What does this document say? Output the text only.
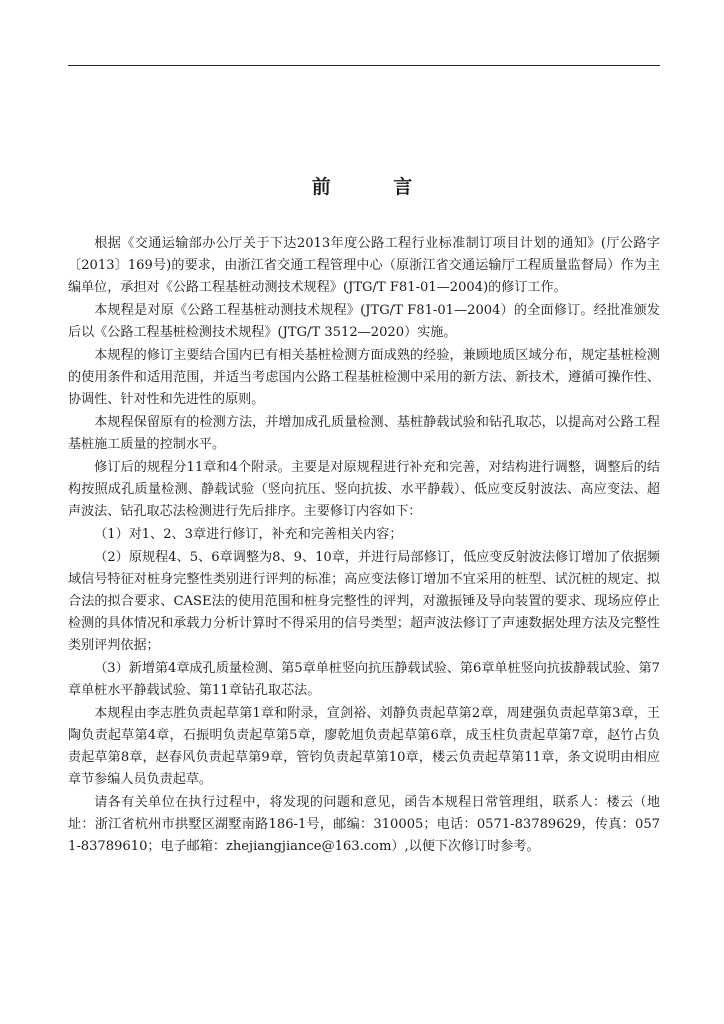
前 言

根据《交通运输部办公厅关于下达2013年度公路工程行业标准制订项目计划的通知》(厅公路字〔2013〕169号)的要求，由浙江省交通工程管理中心（原浙江省交通运输厅工程质量监督局）作为主编单位，承担对《公路工程基桩动测技术规程》(JTG/T F81-01—2004)的修订工作。

本规程是对原《公路工程基桩动测技术规程》(JTG/T F81-01—2004）的全面修订。经批准颁发后以《公路工程基桩检测技术规程》(JTG/T 3512—2020）实施。

本规程的修订主要结合国内已有相关基桩检测方面成熟的经验，兼顾地质区域分布，规定基桩检测的使用条件和适用范围，并适当考虑国内公路工程基桩检测中采用的新方法、新技术，遵循可操作性、协调性、针对性和先进性的原则。

本规程保留原有的检测方法，并增加成孔质量检测、基桩静载试验和钻孔取芯，以提高对公路工程基桩施工质量的控制水平。

修订后的规程分11章和4个附录。主要是对原规程进行补充和完善，对结构进行调整，调整后的结构按照成孔质量检测、静载试验（竖向抗压、竖向抗拔、水平静载）、低应变反射波法、高应变法、超声波法、钻孔取芯法检测进行先后排序。主要修订内容如下：

（1）对1、2、3章进行修订，补充和完善相关内容；

（2）原规程4、5、6章调整为8、9、10章，并进行局部修订，低应变反射波法修订增加了依据频域信号特征对桩身完整性类别进行评判的标准；高应变法修订增加不宜采用的桩型、试沉桩的规定、拟合法的拟合要求、CASE法的使用范围和桩身完整性的评判，对激振锤及导向装置的要求、现场应停止检测的具体情况和承载力分析计算时不得采用的信号类型；超声波法修订了声速数据处理方法及完整性类别评判依据；

（3）新增第4章成孔质量检测、第5章单桩竖向抗压静载试验、第6章单桩竖向抗拔静载试验、第7章单桩水平静载试验、第11章钻孔取芯法。

本规程由李志胜负责起草第1章和附录，宣剑裕、刘静负责起草第2章，周建强负责起草第3章，王陶负责起草第4章，石振明负责起草第5章，廖乾旭负责起草第6章，成玉柱负责起草第7章，赵竹占负责起草第8章，赵春风负责起草第9章，管钧负责起草第10章，楼云负责起草第11章，条文说明由相应章节参编人员负责起草。

请各有关单位在执行过程中，将发现的问题和意见，函告本规程日常管理组，联系人：楼云（地址：浙江省杭州市拱墅区湖墅南路186-1号，邮编：310005；电话：0571-83789629，传真：0571-83789610；电子邮箱：zhejiangjiance@163.com）,以便下次修订时参考。
